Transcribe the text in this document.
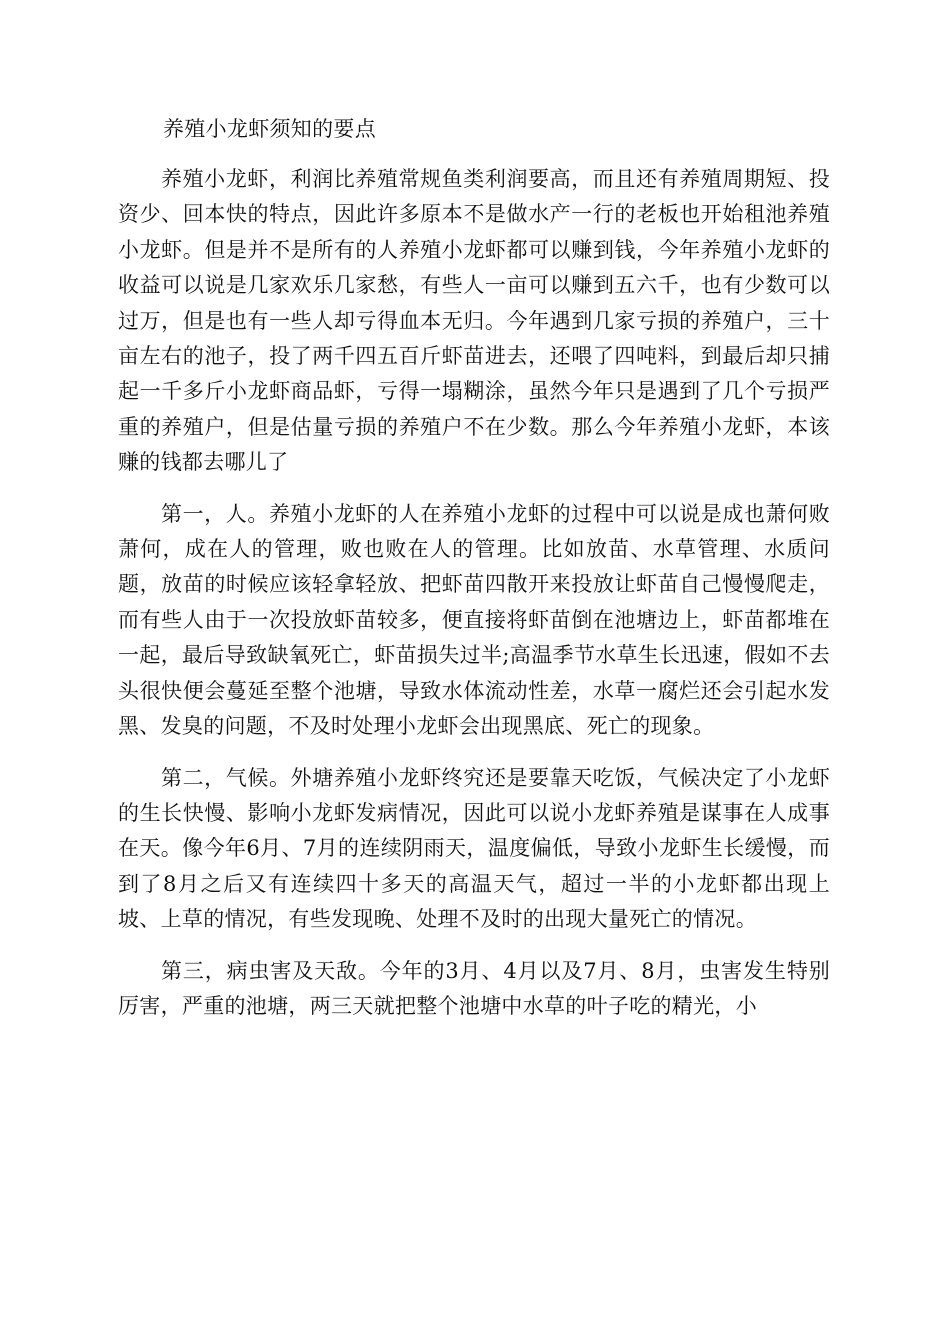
养殖小龙虾须知的要点

养殖小龙虾，利润比养殖常规鱼类利润要高，而且还有养殖周期短、投资少、回本快的特点，因此许多原本不是做水产一行的老板也开始租池养殖小龙虾。但是并不是所有的人养殖小龙虾都可以赚到钱，今年养殖小龙虾的收益可以说是几家欢乐几家愁，有些人一亩可以赚到五六千，也有少数可以过万，但是也有一些人却亏得血本无归。今年遇到几家亏损的养殖户，三十亩左右的池子，投了两千四五百斤虾苗进去，还喂了四吨料，到最后却只捕起一千多斤小龙虾商品虾，亏得一塌糊涂，虽然今年只是遇到了几个亏损严重的养殖户，但是估量亏损的养殖户不在少数。那么今年养殖小龙虾，本该赚的钱都去哪儿了

第一，人。养殖小龙虾的人在养殖小龙虾的过程中可以说是成也萧何败萧何，成在人的管理，败也败在人的管理。比如放苗、水草管理、水质问题，放苗的时候应该轻拿轻放、把虾苗四散开来投放让虾苗自己慢慢爬走，而有些人由于一次投放虾苗较多，便直接将虾苗倒在池塘边上，虾苗都堆在一起，最后导致缺氧死亡，虾苗损失过半;高温季节水草生长迅速，假如不去头很快便会蔓延至整个池塘，导致水体流动性差，水草一腐烂还会引起水发黑、发臭的问题，不及时处理小龙虾会出现黑底、死亡的现象。

第二，气候。外塘养殖小龙虾终究还是要靠天吃饭，气候决定了小龙虾的生长快慢、影响小龙虾发病情况，因此可以说小龙虾养殖是谋事在人成事在天。像今年6月、7月的连续阴雨天，温度偏低，导致小龙虾生长缓慢，而到了8月之后又有连续四十多天的高温天气，超过一半的小龙虾都出现上坡、上草的情况，有些发现晚、处理不及时的出现大量死亡的情况。

第三，病虫害及天敌。今年的3月、4月以及7月、8月，虫害发生特别厉害，严重的池塘，两三天就把整个池塘中水草的叶子吃的精光，小
